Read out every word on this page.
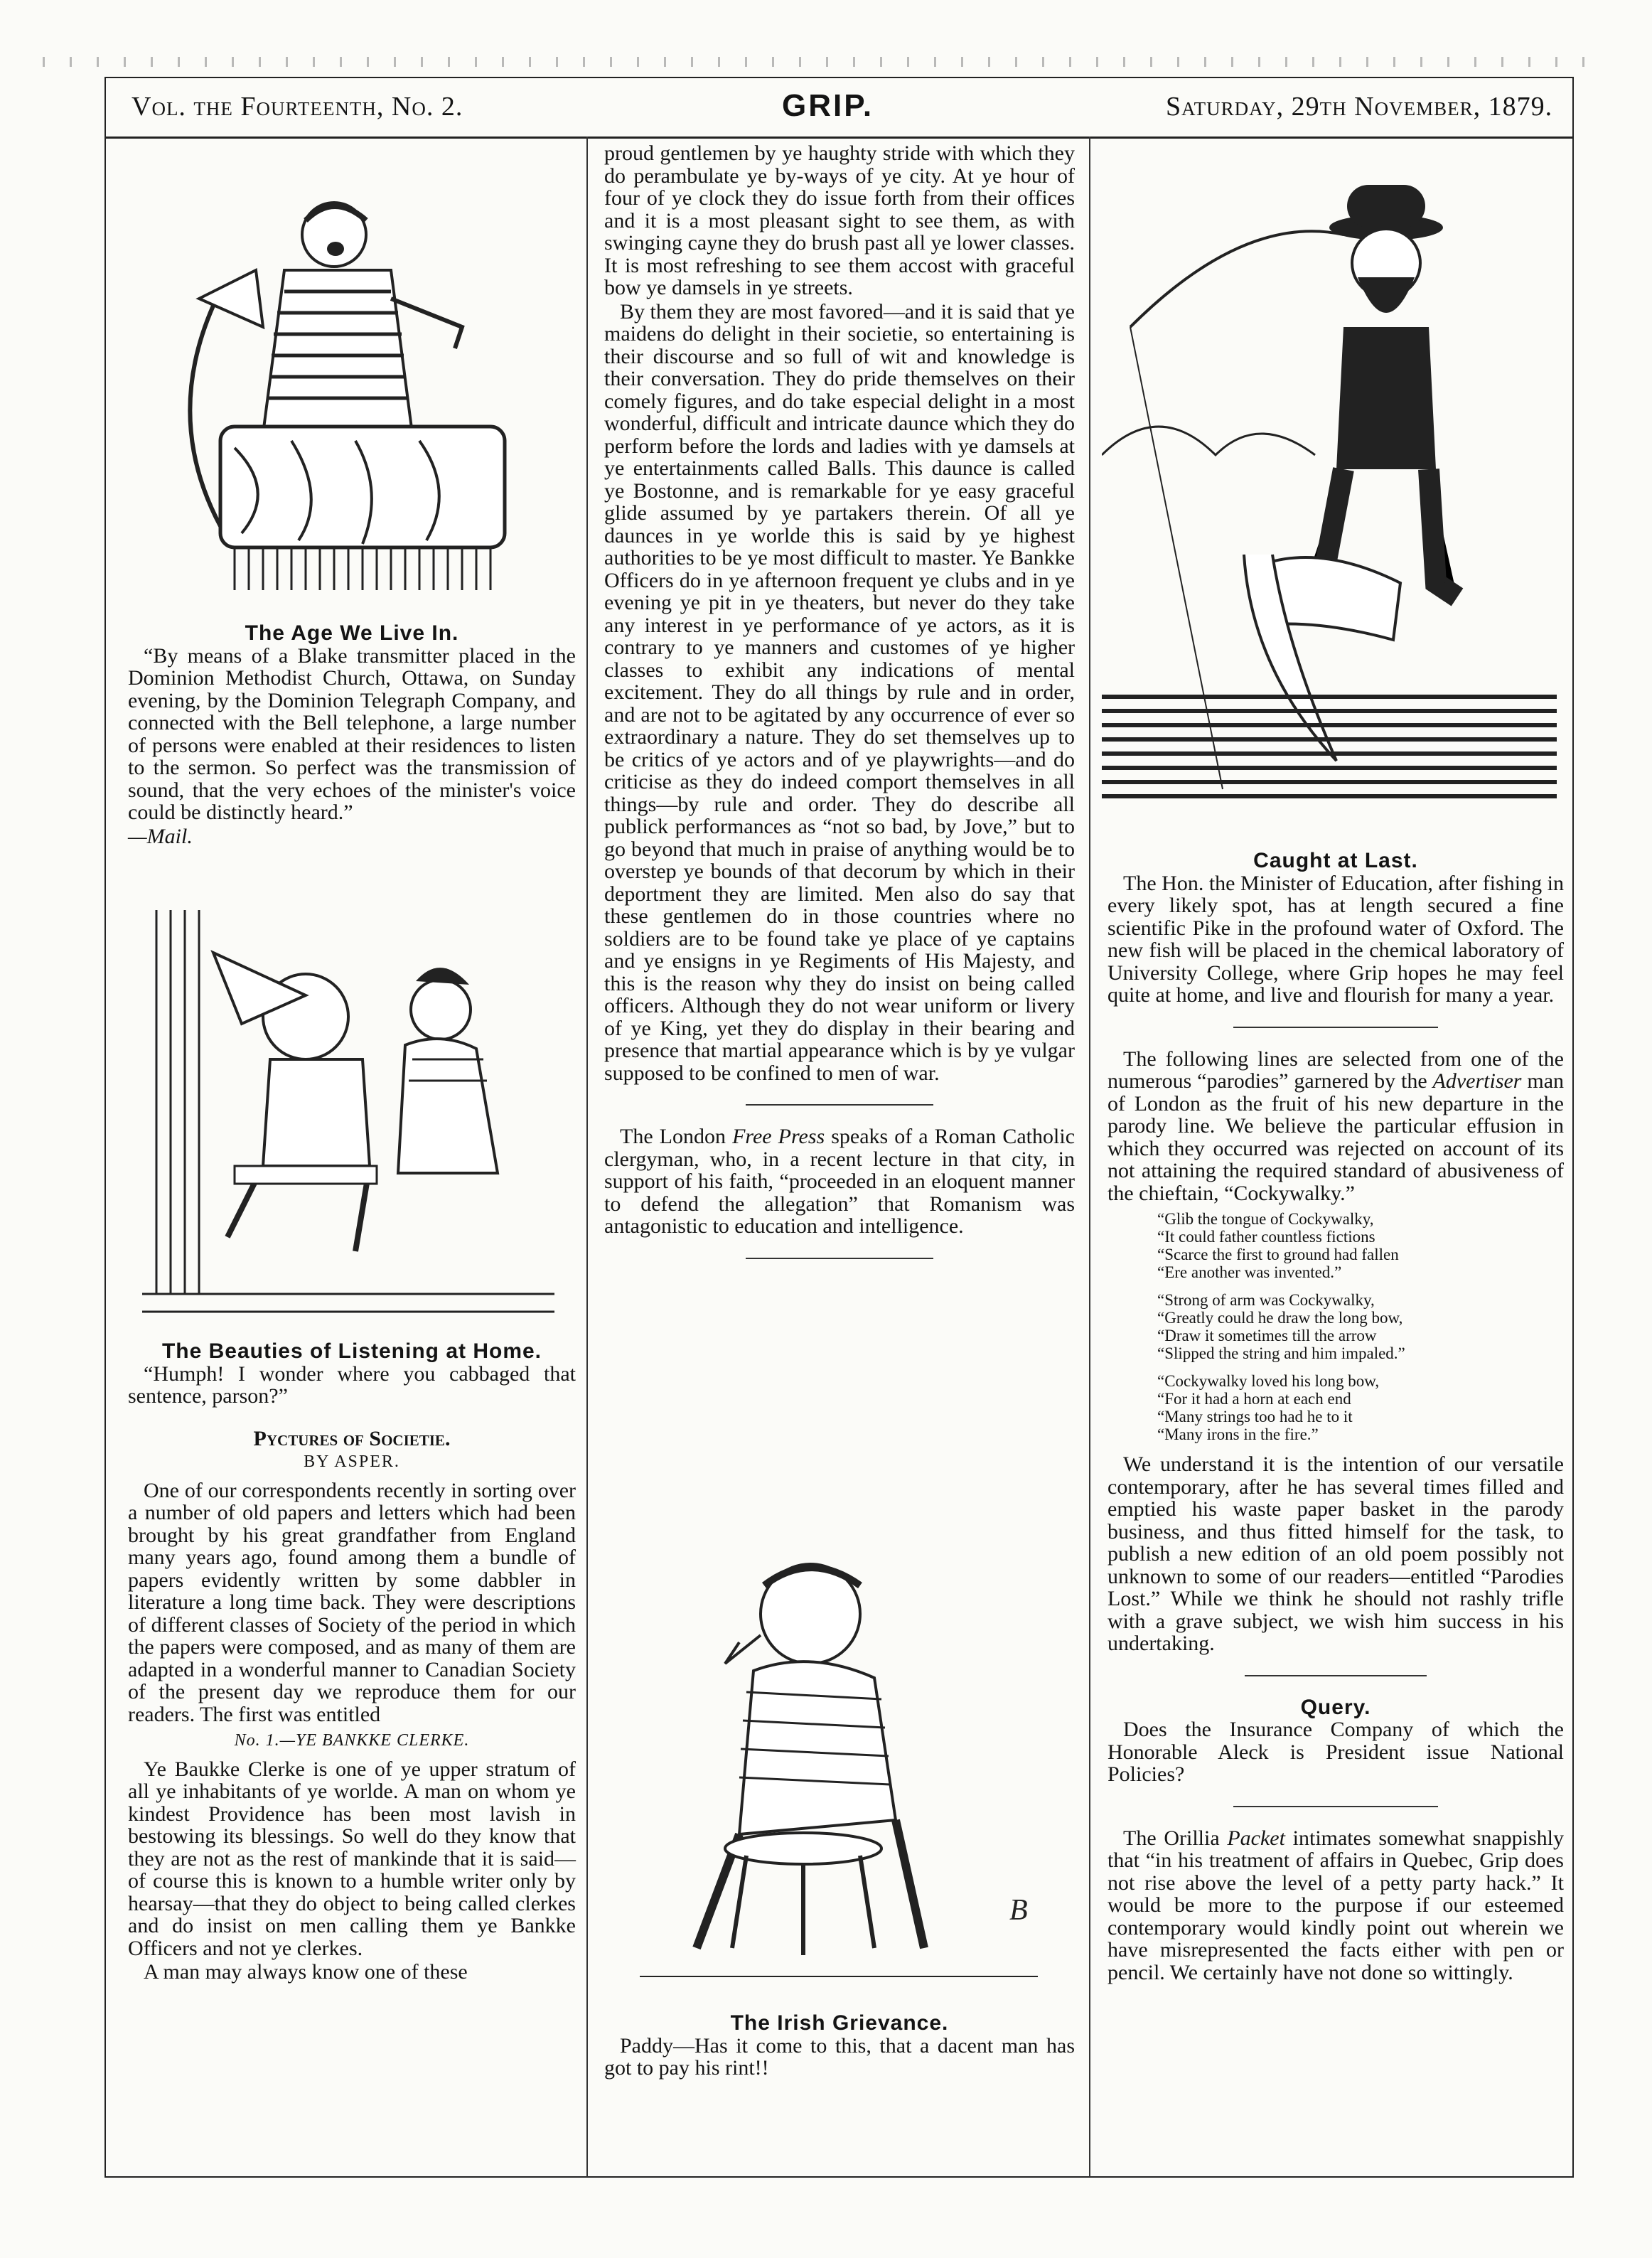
Vol. the Fourteenth, No. 2.	GRIP.	Saturday, 29th November, 1879.
The Age We Live In.

“By means of a Blake transmitter placed in the Dominion Methodist Church, Ottawa, on Sunday evening, by the Dominion Telegraph Company, and connected with the Bell telephone, a large number of persons were enabled at their residences to listen to the sermon. So perfect was the transmission of sound, that the very echoes of the minister's voice could be distinctly heard.”

—Mail.

The Beauties of Listening at Home.

“Humph! I wonder where you cabbaged that sentence, parson?”

Pyctures of Societie.
BY ASPER.

One of our correspondents recently in sorting over a number of old papers and letters which had been brought by his great grandfather from England many years ago, found among them a bundle of papers evidently written by some dabbler in literature a long time back. They were descriptions of different classes of Society of the period in which the papers were composed, and as many of them are adapted in a wonderful manner to Canadian Society of the present day we reproduce them for our readers. The first was entitled

No. 1.—YE BANKKE CLERKE.

Ye Baukke Clerke is one of ye upper stratum of all ye inhabitants of ye worlde. A man on whom ye kindest Providence has been most lavish in bestowing its blessings. So well do they know that they are not as the rest of mankinde that it is said—of course this is known to a humble writer only by hearsay—that they do object to being called clerkes and do insist on men calling them ye Bankke Officers and not ye clerkes.

A man may always know one of these

proud gentlemen by ye haughty stride with which they do perambulate ye by-ways of ye city. At ye hour of four of ye clock they do issue forth from their offices and it is a most pleasant sight to see them, as with swinging cayne they do brush past all ye lower classes. It is most refreshing to see them accost with graceful bow ye damsels in ye streets.

By them they are most favored—and it is said that ye maidens do delight in their societie, so entertaining is their discourse and so full of wit and knowledge is their conversation. They do pride themselves on their comely figures, and do take especial delight in a most wonderful, difficult and intricate daunce which they do perform before the lords and ladies with ye damsels at ye entertainments called Balls. This daunce is called ye Bostonne, and is remarkable for ye easy graceful glide assumed by ye partakers therein. Of all ye daunces in ye worlde this is said by ye highest authorities to be ye most difficult to master. Ye Bankke Officers do in ye afternoon frequent ye clubs and in ye evening ye pit in ye theaters, but never do they take any interest in ye performance of ye actors, as it is contrary to ye manners and customes of ye higher classes to exhibit any indications of mental excitement. They do all things by rule and in order, and are not to be agitated by any occurrence of ever so extraordinary a nature. They do set themselves up to be critics of ye actors and of ye playwrights—and do criticise as they do indeed comport themselves in all things—by rule and order. They do describe all publick performances as “not so bad, by Jove,” but to go beyond that much in praise of anything would be to overstep ye bounds of that decorum by which in their deportment they are limited. Men also do say that these gentlemen do in those countries where no soldiers are to be found take ye place of ye captains and ye ensigns in ye Regiments of His Majesty, and this is the reason why they do insist on being called officers. Although they do not wear uniform or livery of ye King, yet they do display in their bearing and presence that martial appearance which is by ye vulgar supposed to be confined to men of war.

The London Free Press speaks of a Roman Catholic clergyman, who, in a recent lecture in that city, in support of his faith, “proceeded in an eloquent manner to defend the allegation” that Romanism was antagonistic to education and intelligence.

B
The Irish Grievance.

Paddy—Has it come to this, that a dacent man has got to pay his rint!!

Caught at Last.

The Hon. the Minister of Education, after fishing in every likely spot, has at length secured a fine scientific Pike in the profound water of Oxford. The new fish will be placed in the chemical laboratory of University College, where Grip hopes he may feel quite at home, and live and flourish for many a year.

The following lines are selected from one of the numerous “parodies” garnered by the Advertiser man of London as the fruit of his new departure in the parody line. We believe the particular effusion in which they occurred was rejected on account of its not attaining the required standard of abusiveness of the chieftain, “Cockywalky.”

“Glib the tongue of Cockywalky,
“It could father countless fictions
“Scarce the first to ground had fallen
“Ere another was invented.”
“Strong of arm was Cockywalky,
“Greatly could he draw the long bow,
“Draw it sometimes till the arrow
“Slipped the string and him impaled.”
“Cockywalky loved his long bow,
“For it had a horn at each end
“Many strings too had he to it
“Many irons in the fire.”

We understand it is the intention of our versatile contemporary, after he has several times filled and emptied his waste paper basket in the parody business, and thus fitted himself for the task, to publish a new edition of an old poem possibly not unknown to some of our readers—entitled “Parodies Lost.” While we think he should not rashly trifle with a grave subject, we wish him success in his undertaking.

Query.

Does the Insurance Company of which the Honorable Aleck is President issue National Policies?

The Orillia Packet intimates somewhat snappishly that “in his treatment of affairs in Quebec, Grip does not rise above the level of a petty party hack.” It would be more to the purpose if our esteemed contemporary would kindly point out wherein we have misrepresented the facts either with pen or pencil. We certainly have not done so wittingly.
